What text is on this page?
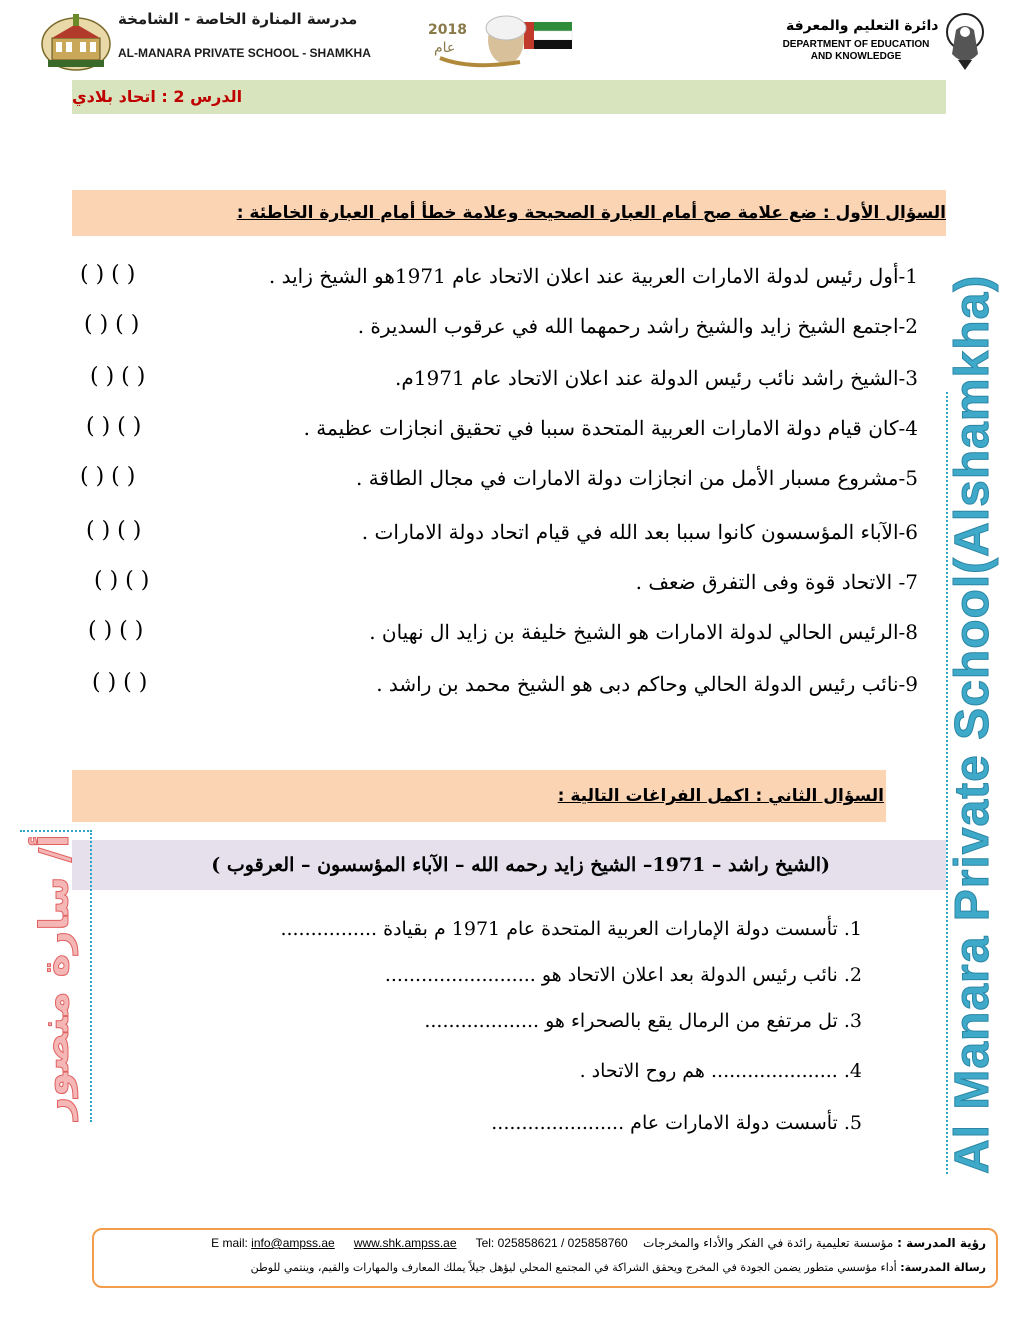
مدرسة المنارة الخاصة - الشامخة
AL-MANARA PRIVATE SCHOOL - SHAMKHA
2018
عام
دائرة التعليم والمعرفة
DEPARTMENT OF EDUCATION AND KNOWLEDGE
الدرس 2 : اتحاد بلادي
السؤال الأول : ضع علامة صح أمام العبارة الصحيحة وعلامة خطأ أمام العبارة الخاطئة :
1-أول رئيس لدولة الامارات العربية عند اعلان الاتحاد عام 1971هو الشيخ زايد .
2-اجتمع الشيخ زايد والشيخ راشد رحمهما الله في عرقوب السديرة .
3-الشيخ راشد نائب رئيس الدولة عند اعلان الاتحاد عام 1971م.
4-كان قيام دولة الامارات العربية المتحدة سببا في تحقيق انجازات عظيمة .
5-مشروع مسبار الأمل من انجازات دولة الامارات في مجال الطاقة .
6-الآباء المؤسسون كانوا سببا بعد الله في قيام اتحاد دولة الامارات .
7- الاتحاد قوة وفى التفرق ضعف .
8-الرئيس الحالي لدولة الامارات هو الشيخ خليفة بن زايد ال نهيان .
9-نائب رئيس الدولة الحالي وحاكم دبى هو الشيخ محمد بن راشد .
( ) ( )
( ) ( )
( ) ( )
( ) ( )
( ) ( )
( ) ( )
( ) ( )
( ) ( )
( ) ( )
السؤال الثاني : اكمل الفراغات التالية :
(الشيخ راشد – 1971– الشيخ زايد رحمه الله – الآباء المؤسسون – العرقوب )
1. تأسست دولة الإمارات العربية المتحدة عام 1971 م بقيادة ................
2. نائب رئيس الدولة بعد اعلان الاتحاد هو .........................
3. تل مرتفع من الرمال يقع بالصحراء هو ...................
4. ..................... هم روح الاتحاد .
5. تأسست دولة الامارات عام ...................... Al Manara Private School(Alshamkha)
أ/ سارة منصور
رؤية المدرسة : مؤسسة تعليمية رائدة في الفكر والأداء والمخرجات    Tel: 025858621 / 025858760     www.shk.ampss.ae     E mail: info@ampss.ae
رسالة المدرسة: أداء مؤسسي متطور يضمن الجودة في المخرج ويحقق الشراكة في المجتمع المحلي ليؤهل جيلاً يملك المعارف والمهارات والقيم، وينتمي للوطن
